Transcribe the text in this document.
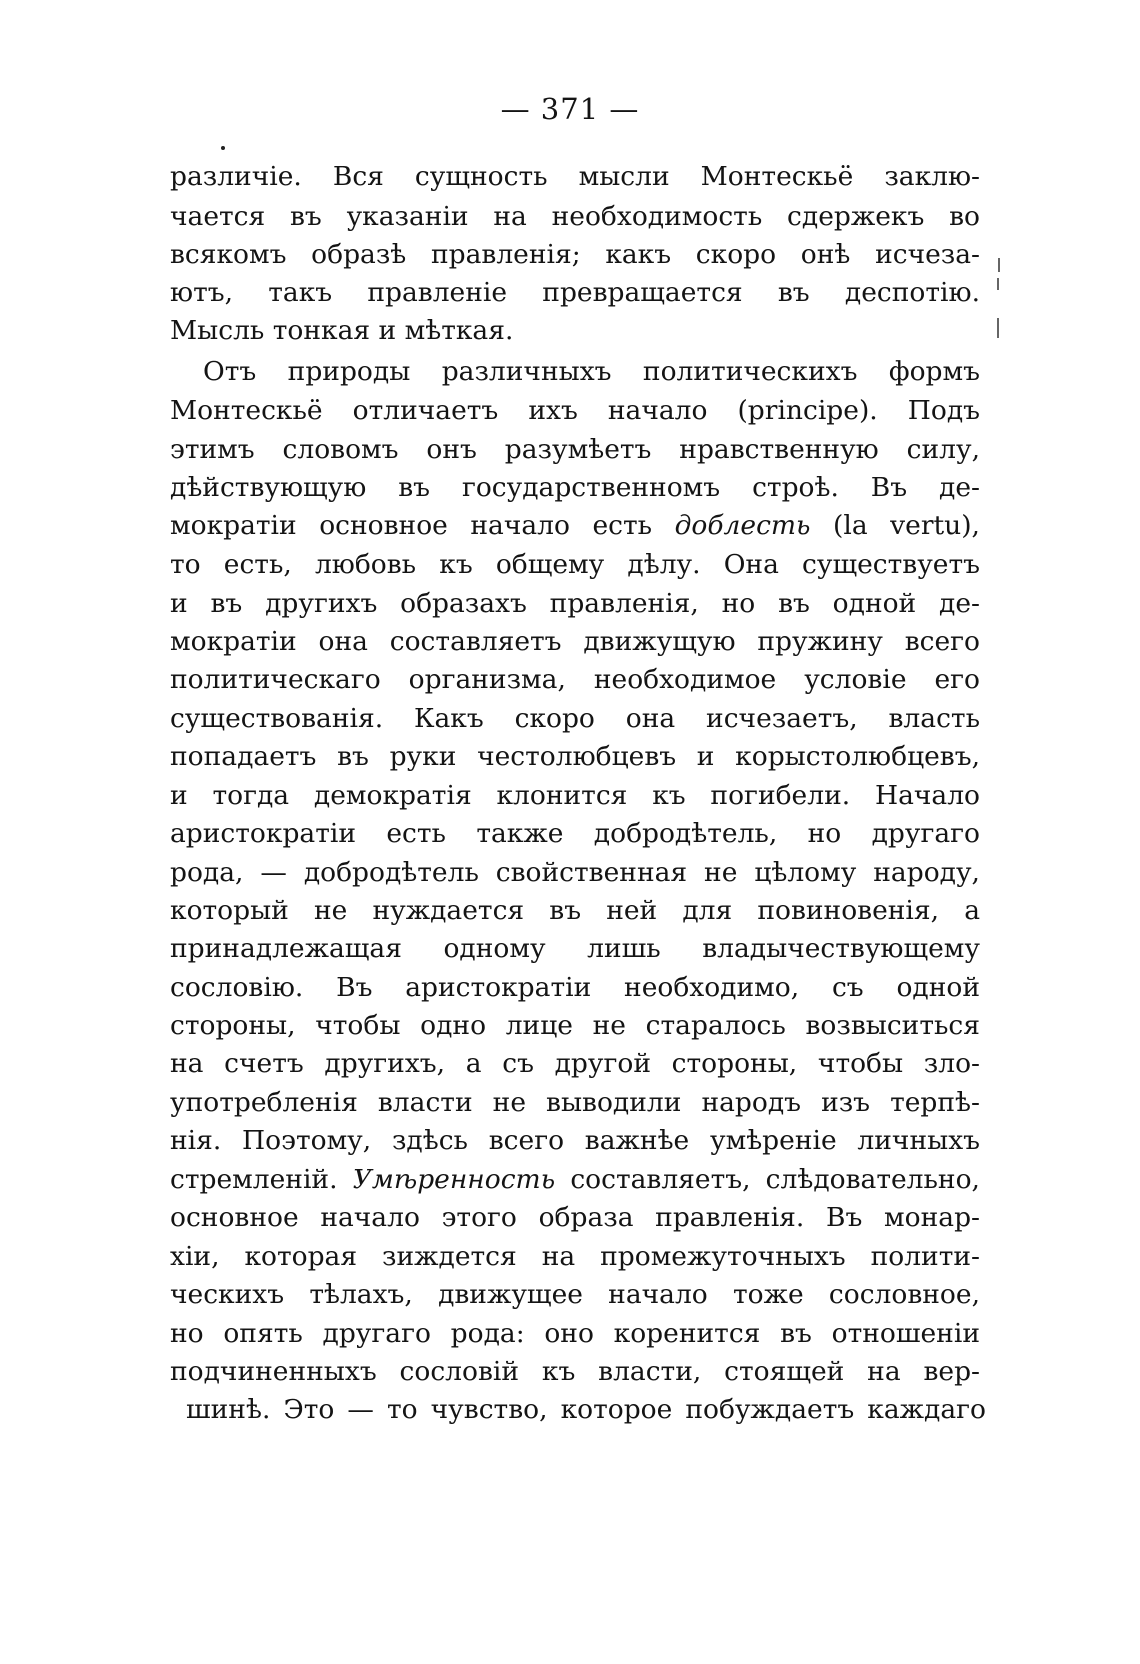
— 371 —
различіе. Вся сущность мысли Монтескьё заклю-
чается въ указаніи на необходимость сдержекъ во
всякомъ образѣ правленія; какъ скоро онѣ исчеза-
ютъ, такъ правленіе превращается въ деспотію.
Мысль тонкая и мѣткая.
Отъ природы различныхъ политическихъ формъ
Монтескьё отличаетъ ихъ начало (principe). Подъ
этимъ словомъ онъ разумѣетъ нравственную силу,
дѣйствующую въ государственномъ строѣ. Въ де-
мократіи основное начало есть доблесть (la vertu),
то есть, любовь къ общему дѣлу. Она существуетъ
и въ другихъ образахъ правленія, но въ одной де-
мократіи она составляетъ движущую пружину всего
политическаго организма, необходимое условіе его
существованія. Какъ скоро она исчезаетъ, власть
попадаетъ въ руки честолюбцевъ и корыстолюбцевъ,
и тогда демократія клонится къ погибели. Начало
аристократіи есть также добродѣтель, но другаго
рода, — добродѣтель свойственная не цѣлому народу,
который не нуждается въ ней для повиновенія, а
принадлежащая одному лишь владычествующему
сословію. Въ аристократіи необходимо, съ одной
стороны, чтобы одно лице не старалось возвыситься
на счетъ другихъ, а съ другой стороны, чтобы зло-
употребленія власти не выводили народъ изъ терпѣ-
нія. Поэтому, здѣсь всего важнѣе умѣреніе личныхъ
стремленій. Умѣренность составляетъ, слѣдовательно,
основное начало этого образа правленія. Въ монар-
хіи, которая зиждется на промежуточныхъ полити-
ческихъ тѣлахъ, движущее начало тоже сословное,
но опять другаго рода: оно коренится въ отношеніи
подчиненныхъ сословій къ власти, стоящей на вер-
шинѣ. Это — то чувство, которое побуждаетъ каждаго
